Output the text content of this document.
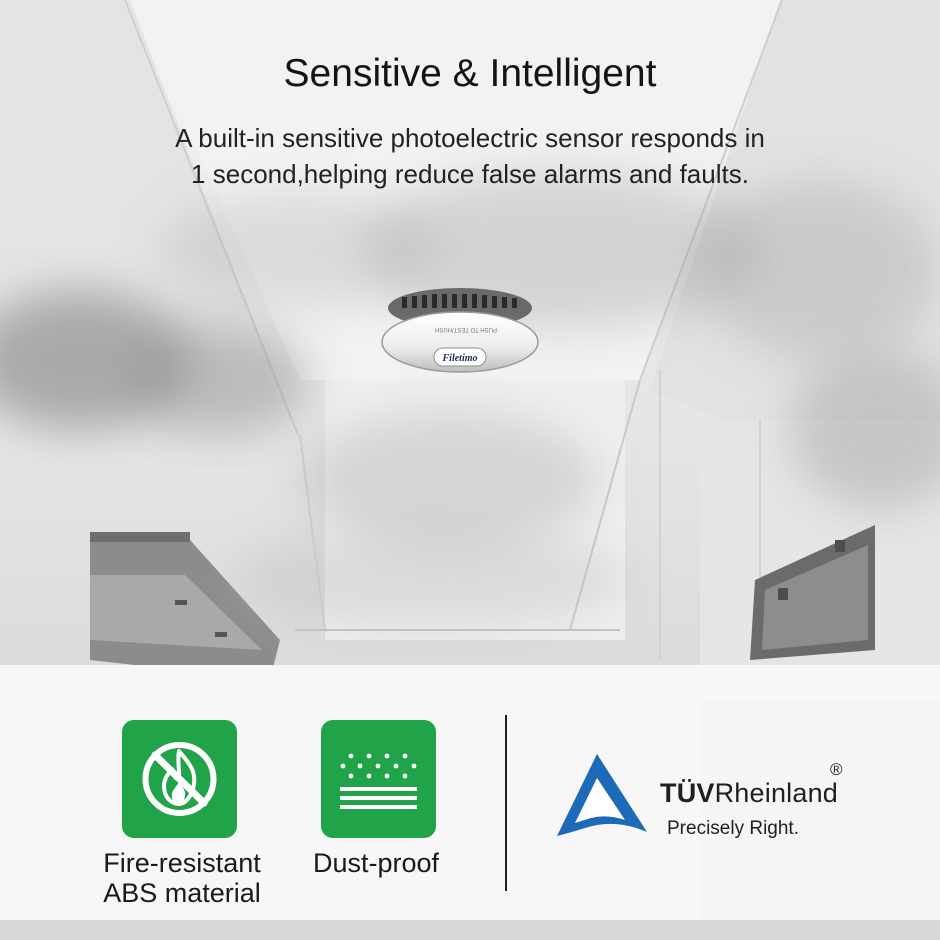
Filetimo
PUSH TO TEST/HUSH
Sensitive & Intelligent
A built-in sensitive photoelectric sensor responds in
1 second,helping reduce false alarms and faults.
Fire-resistant
ABS material
Dust-proof
TÜVRheinland
®
Precisely Right.
